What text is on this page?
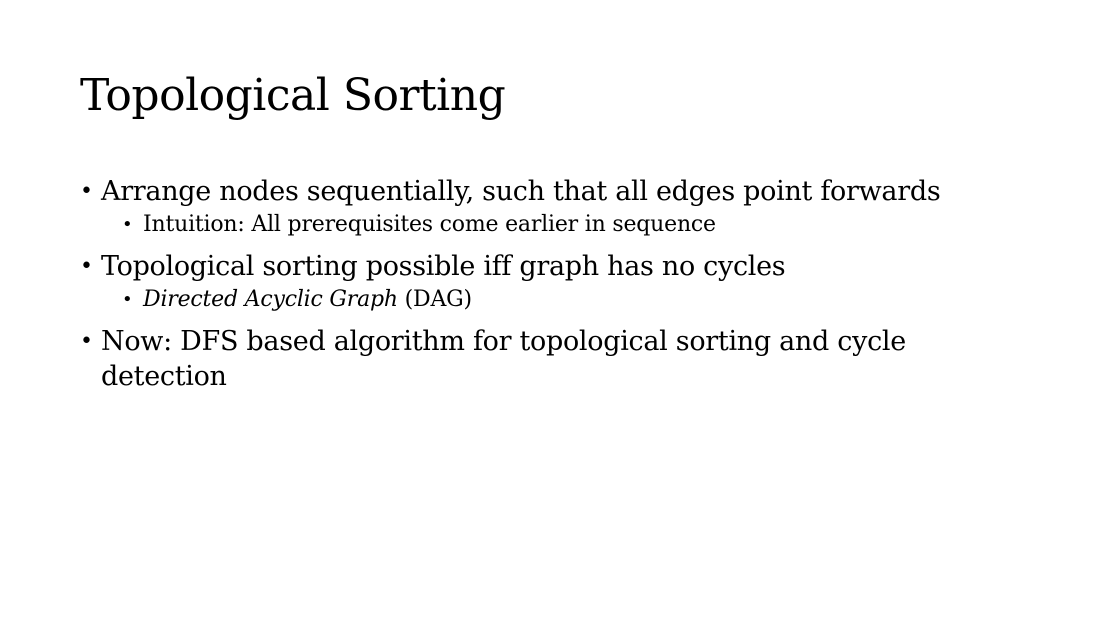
Topological Sorting
• Arrange nodes sequentially, such that all edges point forwards
• Intuition: All prerequisites come earlier in sequence
• Topological sorting possible iff graph has no cycles
• Directed Acyclic Graph (DAG)
• Now: DFS based algorithm for topological sorting and cycle detection
